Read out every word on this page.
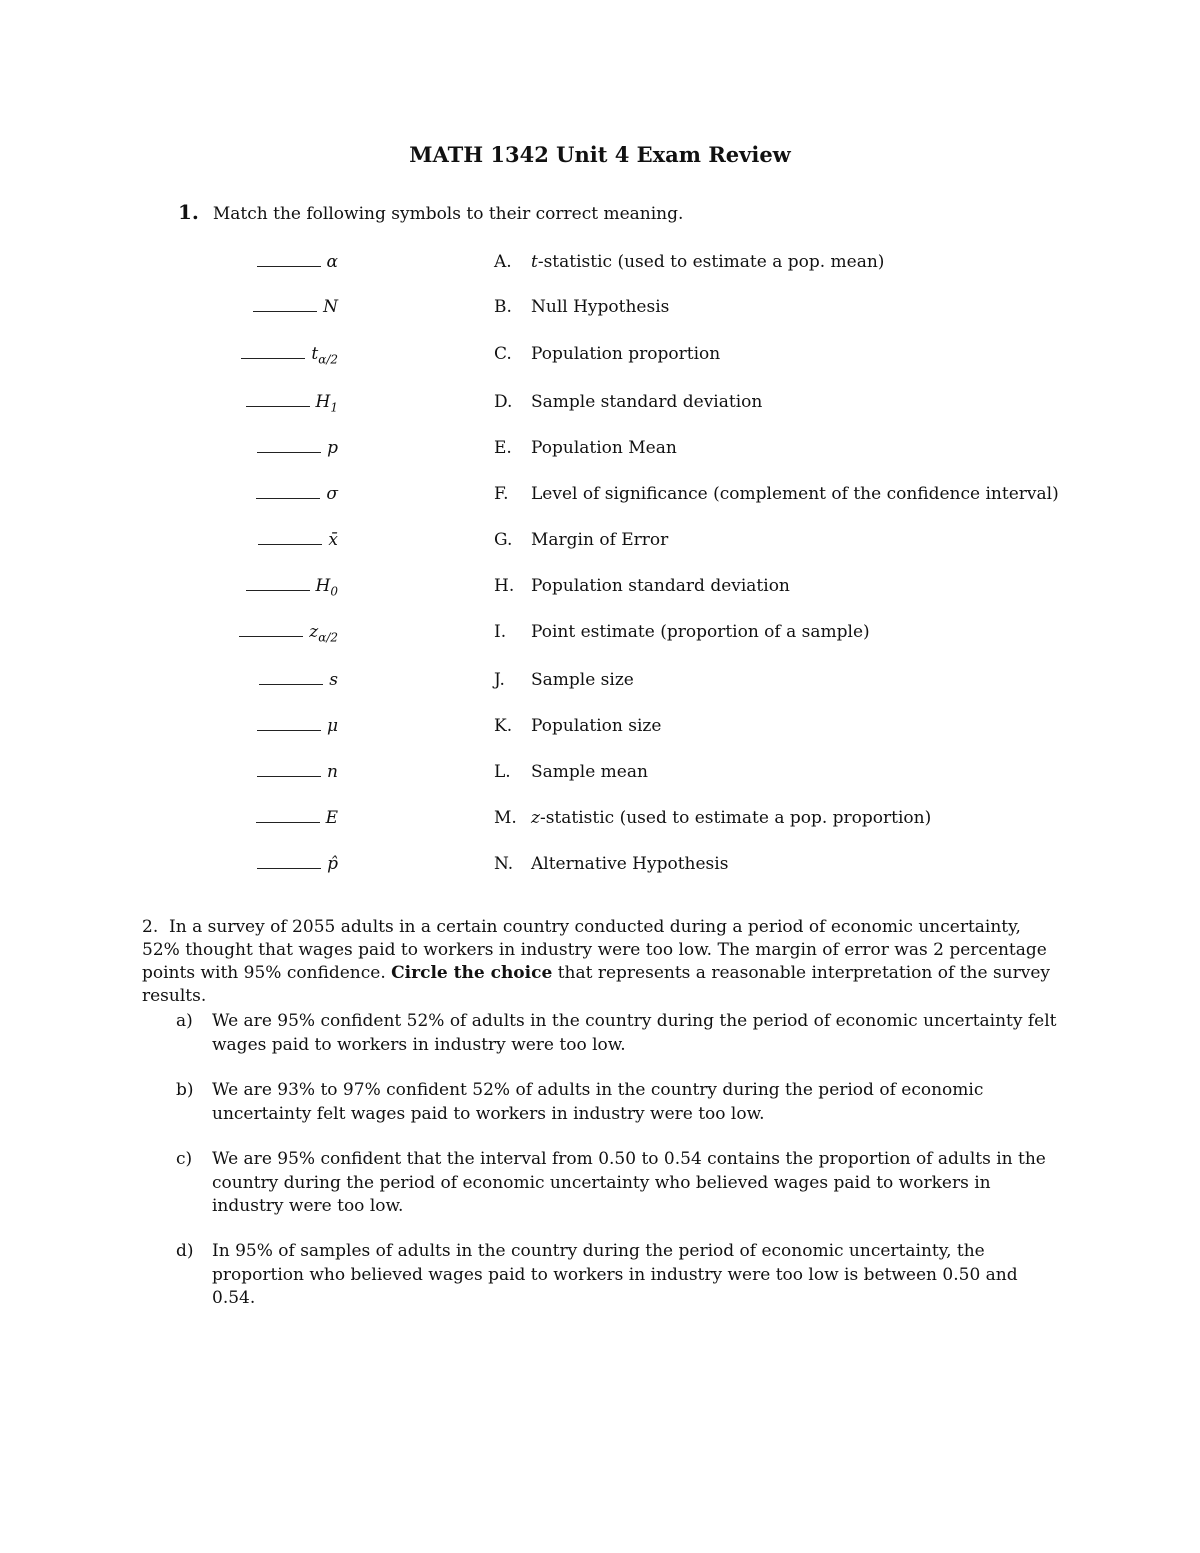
MATH 1342 Unit 4 Exam Review
1. Match the following symbols to their correct meaning.
α	A. t-statistic (used to estimate a pop. mean)
N	B. Null Hypothesis
$t_{\alpha/2}$	C. Population proportion
$H_1$	D. Sample standard deviation
p	E. Population Mean
σ	F. Level of significance (complement of the confidence interval)
x̄	G. Margin of Error
$H_0$	H. Population standard deviation
$z_{\alpha/2}$	I. Point estimate (proportion of a sample)
s	J. Sample size
μ	K. Population size
n	L. Sample mean
E	M. z-statistic (used to estimate a pop. proportion)
p̂	N. Alternative Hypothesis
2. In a survey of 2055 adults in a certain country conducted during a period of economic uncertainty, 52% thought that wages paid to workers in industry were too low. The margin of error was 2 percentage points with 95% confidence. Circle the choice that represents a reasonable interpretation of the survey results.
a) We are 95% confident 52% of adults in the country during the period of economic uncertainty felt wages paid to workers in industry were too low.
b) We are 93% to 97% confident 52% of adults in the country during the period of economic uncertainty felt wages paid to workers in industry were too low.
c) We are 95% confident that the interval from 0.50 to 0.54 contains the proportion of adults in the country during the period of economic uncertainty who believed wages paid to workers in industry were too low.
d) In 95% of samples of adults in the country during the period of economic uncertainty, the proportion who believed wages paid to workers in industry were too low is between 0.50 and 0.54.
